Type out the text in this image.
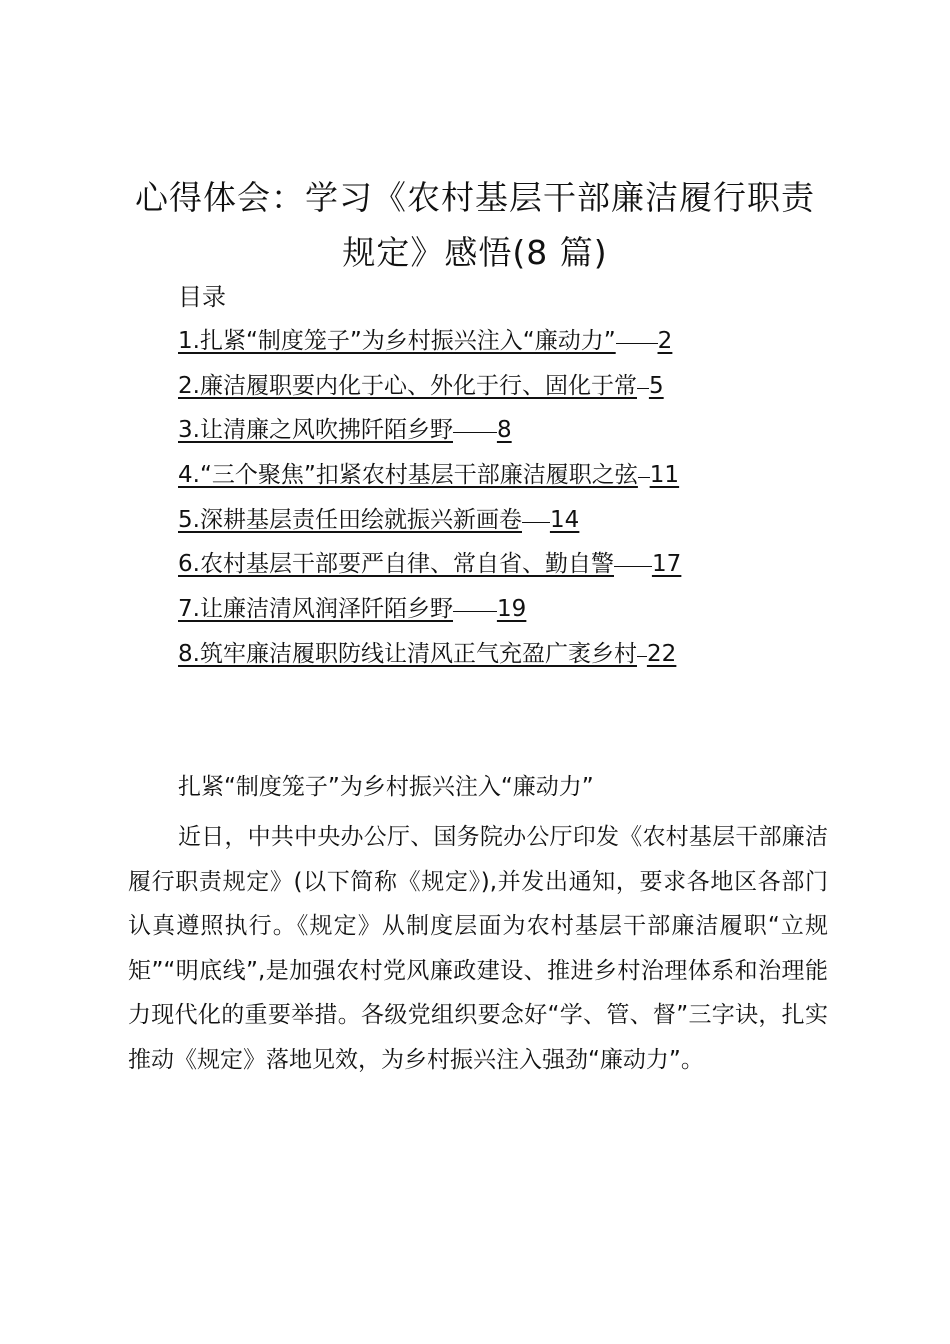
心得体会：学习《农村基层干部廉洁履行职责
规定》感悟(8 篇)
目录
1.扎紧“制度笼子”为乡村振兴注入“廉动力” 2
2.廉洁履职要内化于心、外化于行、固化于常 5
3.让清廉之风吹拂阡陌乡野 8
4.“三个聚焦”扣紧农村基层干部廉洁履职之弦 11
5.深耕基层责任田绘就振兴新画卷 14
6.农村基层干部要严自律、常自省、勤自警 17
7.让廉洁清风润泽阡陌乡野 19
8.筑牢廉洁履职防线让清风正气充盈广袤乡村 22
扎紧“制度笼子”为乡村振兴注入“廉动力”

近日，中共中央办公厅、国务院办公厅印发《农村基层干部廉洁履行职责规定》(以下简称《规定》),并发出通知，要求各地区各部门认真遵照执行。《规定》从制度层面为农村基层干部廉洁履职“立规矩”“明底线”,是加强农村党风廉政建设、推进乡村治理体系和治理能力现代化的重要举措。各级党组织要念好“学、管、督”三字诀，扎实推动《规定》落地见效，为乡村振兴注入强劲“廉动力”。
